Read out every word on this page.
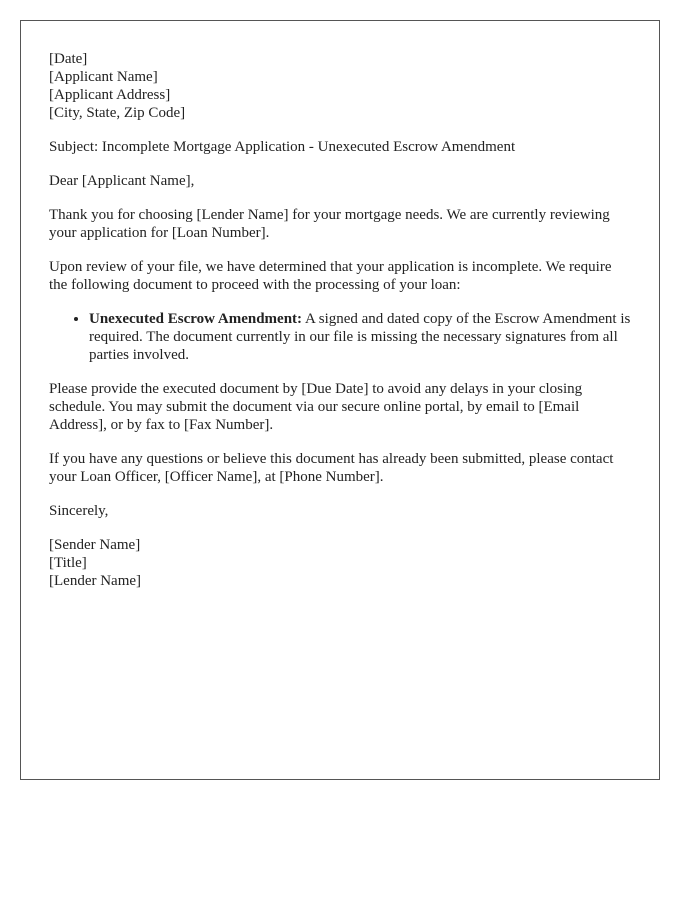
[Date]
[Applicant Name]
[Applicant Address]
[City, State, Zip Code]

Subject: Incomplete Mortgage Application - Unexecuted Escrow Amendment

Dear [Applicant Name],

Thank you for choosing [Lender Name] for your mortgage needs. We are currently reviewing your application for [Loan Number].

Upon review of your file, we have determined that your application is incomplete. We require the following document to proceed with the processing of your loan:

• Unexecuted Escrow Amendment: A signed and dated copy of the Escrow Amendment is required. The document currently in our file is missing the necessary signatures from all parties involved.

Please provide the executed document by [Due Date] to avoid any delays in your closing schedule. You may submit the document via our secure online portal, by email to [Email Address], or by fax to [Fax Number].

If you have any questions or believe this document has already been submitted, please contact your Loan Officer, [Officer Name], at [Phone Number].

Sincerely,

[Sender Name]
[Title]
[Lender Name]
